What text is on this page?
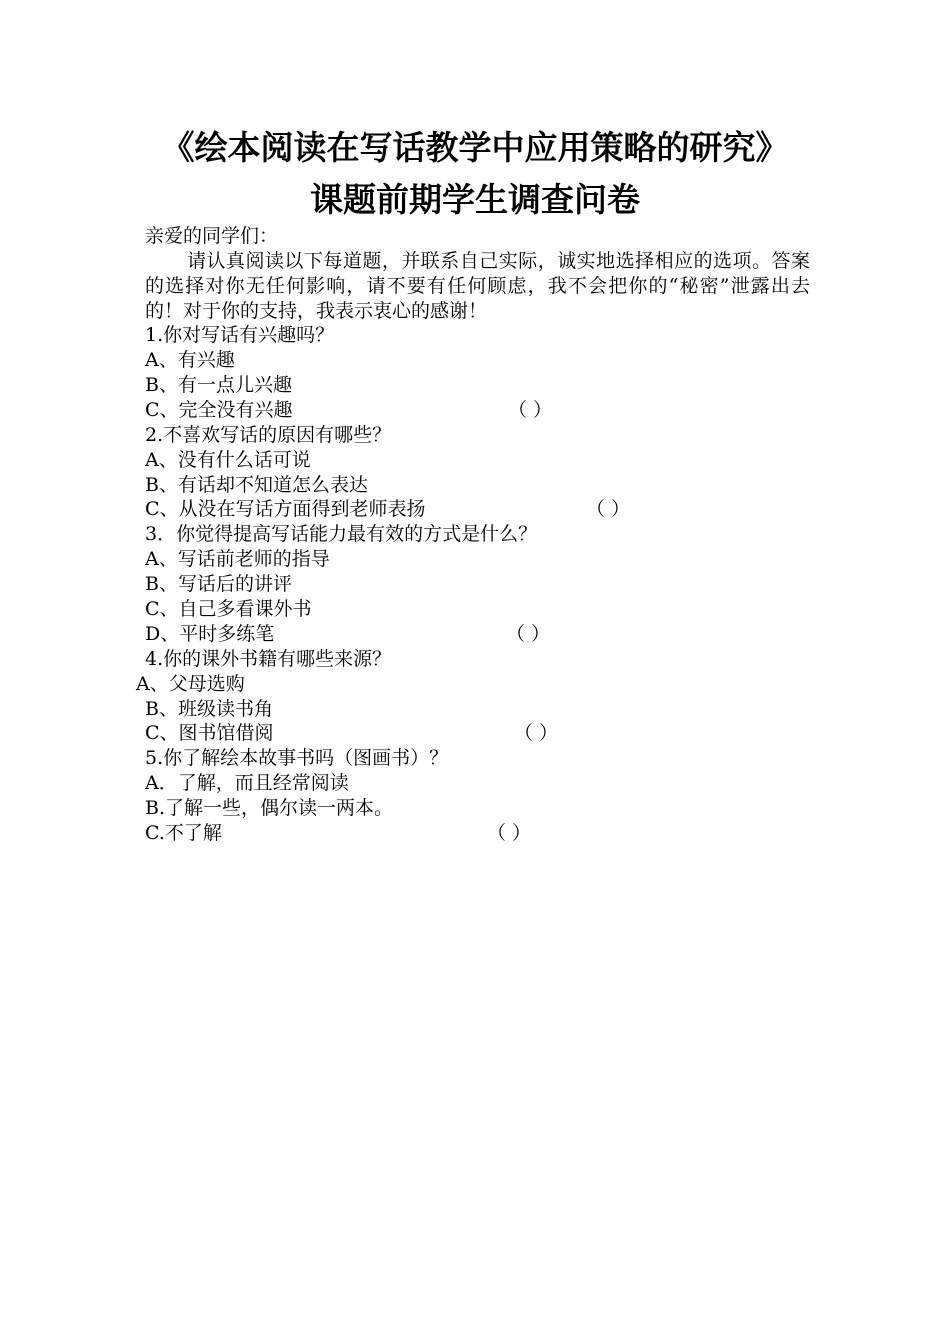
《绘本阅读在写话教学中应用策略的研究》
课题前期学生调查问卷
亲爱的同学们：
请认真阅读以下每道题，并联系自己实际，诚实地选择相应的选项。答案的选择对你无任何影响，请不要有任何顾虑，我不会把你的“秘密”泄露出去的！对于你的支持，我表示衷心的感谢！
1.你对写话有兴趣吗？
A、有兴趣
B、有一点儿兴趣
C、完全没有兴趣	（ ）
2.不喜欢写话的原因有哪些？
A、没有什么话可说
B、有话却不知道怎么表达
C、从没在写话方面得到老师表扬	（ ）
3．你觉得提高写话能力最有效的方式是什么？
A、写话前老师的指导
B、写话后的讲评
C、自己多看课外书
D、平时多练笔	（ ）
4.你的课外书籍有哪些来源？
A、父母选购
B、班级读书角
C、图书馆借阅	（ ）
5.你了解绘本故事书吗（图画书）？
A．了解，而且经常阅读
B.了解一些，偶尔读一两本。
C.不了解	（ ）
